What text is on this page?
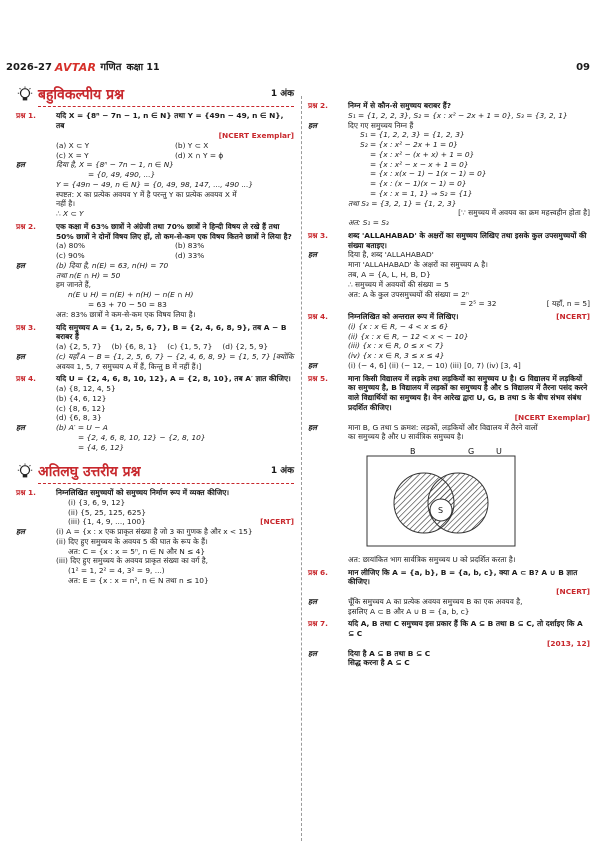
2026-27 AVTAR गणित कक्षा 11	09
बहुविकल्पीय प्रश्न	1 अंक
प्रश्न 1.	यदि X = {8ⁿ − 7n − 1, n ∈ N} तथा Y = {49n − 49, n ∈ N}, तब
[NCERT Exemplar]
(a) X ⊂ Y	(b) Y ⊂ X
(c) X = Y	(d) X ∩ Y = ϕ
हल	दिया है, X = {8ⁿ − 7n − 1, n ∈ N}
= {0, 49, 490, ...}
Y = {49n − 49, n ∈ N} = {0, 49, 98, 147, ..., 490 ...}
स्पष्टत: X का प्रत्येक अवयव Y में है परन्तु Y का प्रत्येक अवयव X में
नहीं है।
∴ X ⊂ Y
प्रश्न 2.	एक कक्षा में 63% छात्रों ने अंग्रेजी तथा 70% छात्रों ने हिन्दी विषय ले रखे हैं तथा 50% छात्रों ने दोनों विषय लिए हों, तो कम-से-कम एक विषय कितने छात्रों ने लिया है?
(a) 80%	(b) 83%
(c) 90%	(d) 33%
हल	(b) दिया है, n(E) = 63, n(H) = 70
तथा n(E ∩ H) = 50
हम जानते हैं,
n(E ∪ H) = n(E) + n(H) − n(E ∩ H)
= 63 + 70 − 50 = 83
अत: 83% छात्रों ने कम-से-कम एक विषय लिया है।
प्रश्न 3.	यदि समुच्चय A = {1, 2, 5, 6, 7}, B = {2, 4, 6, 8, 9}, तब A − B बराबर हैं
(a) {2, 5, 7} (b) {6, 8, 1} (c) {1, 5, 7} (d) {2, 5, 9}
हल	(c) यहाँ A − B = {1, 2, 5, 6, 7} − {2, 4, 6, 8, 9} = {1, 5, 7} [क्योंकि
अवयव 1, 5, 7 समुच्चय A में हैं, किन्तु B में नहीं हैं।]
प्रश्न 4.	यदि U = {2, 4, 6, 8, 10, 12}, A = {2, 8, 10}, तब A′ ज्ञात कीजिए।
(a) {8, 12, 4, 5}
(b) {4, 6, 12}
(c) {8, 6, 12}
(d) {6, 8, 3}
हल	(b) A′ = U − A
= {2, 4, 6, 8, 10, 12} − {2, 8, 10}
= {4, 6, 12}
अतिलघु उत्तरीय प्रश्न	1 अंक
प्रश्न 1.	निम्नलिखित समुच्चयों को समुच्चय निर्माण रूप में व्यक्त कीजिए।
(i) {3, 6, 9, 12}
(ii) {5, 25, 125, 625}
(iii) {1, 4, 9, ..., 100}	[NCERT]
हल	(i) A = {x : x एक प्राकृत संख्या है जो 3 का गुणक है और x < 15}
(ii) दिए हुए समुच्चय के अवयव 5 की घात के रूप के हैं।
अत: C = {x : x = 5ⁿ, n ∈ N और N ≤ 4}
(iii) दिए हुए समुच्चय के अवयव प्राकृत संख्या का वर्ग है,
(1² = 1, 2² = 4, 3² = 9, ...)
अत: E = {x : x = n², n ∈ N तथा n ≤ 10}
प्रश्न 2.	निम्न में से कौन-से समुच्चय बराबर हैं?
S₁ = {1, 2, 2, 3}, S₂ = {x : x² − 2x + 1 = 0}, S₃ = {3, 2, 1}
हल	दिए गए समुच्चय निम्न हैं
S₁ = {1, 2, 2, 3} = {1, 2, 3}
S₂ = {x : x² − 2x + 1 = 0}
= {x : x² − (x + x) + 1 = 0}
= {x : x² − x − x + 1 = 0}
= {x : x(x − 1) − 1(x − 1) = 0}
= {x : (x − 1)(x − 1) = 0}
= {x : x = 1, 1} ⇒ S₂ = {1}
तथा S₃ = {3, 2, 1} = {1, 2, 3}
[∵ समुच्चय में अवयव का क्रम महत्त्वहीन होता है]
अत: S₁ = S₃
प्रश्न 3.	शब्द 'ALLAHABAD' के अक्षरों का समुच्चय लिखिए तथा इसके कुल उपसमुच्चयों की संख्या बताइए।
हल	दिया है, शब्द 'ALLAHABAD'
माना 'ALLAHABAD' के अक्षरों का समुच्चय A है।
तब, A = {A, L, H, B, D}
∴ समुच्चय में अवयवों की संख्या = 5
अत: A के कुल उपसमुच्चयों की संख्या = 2ⁿ
= 2⁵ = 32	[ यहाँ, n = 5]
प्रश्न 4.	निम्नलिखित को अन्तराल रूप में लिखिए।	[NCERT]
(i) {x : x ∈ R, − 4 < x ≤ 6}
(ii) {x : x ∈ R, − 12 < x < − 10}
(iii) {x : x ∈ R, 0 ≤ x < 7}
(iv) {x : x ∈ R, 3 ≤ x ≤ 4}
हल	(i) (− 4, 6] (ii) (− 12, − 10) (iii) [0, 7) (iv) [3, 4]
प्रश्न 5.	माना किसी विद्यालय में लड़के तथा लड़कियों का समुच्चय U है। G विद्यालय में लड़कियों का समुच्चय है, B विद्यालय में लड़कों का समुच्चय है और S विद्यालय में तैरना पसंद करने वाले विद्यार्थियों का समुच्चय है। वेन आरेख द्वारा U, G, B तथा S के बीच संभव संबंध प्रदर्शित कीजिए।
[NCERT Exemplar]
हल	माना B, G तथा S क्रमश: लड़कों, लड़कियों और विद्यालय में तैरने वालों
का समुच्चय है और U सार्वत्रिक समुच्चय है।
B	G	U
S
अत: छायांकित भाग सार्वत्रिक समुच्चय U को प्रदर्शित करता है।
प्रश्न 6.	मान लीजिए कि A = {a, b}, B = {a, b, c}, क्या A ⊂ B? A ∪ B ज्ञात कीजिए।
[NCERT]
हल	चूँकि समुच्चय A का प्रत्येक अवयव समुच्चय B का एक अवयव है,
इसलिए A ⊂ B और A ∪ B = {a, b, c}
प्रश्न 7.	यदि A, B तथा C समुच्चय इस प्रकार हैं कि A ⊆ B तथा B ⊆ C, तो दर्शाइए कि A ⊆ C
[2013, 12]
हल	दिया है A ⊆ B तथा B ⊆ C
सिद्ध करना है A ⊆ C
